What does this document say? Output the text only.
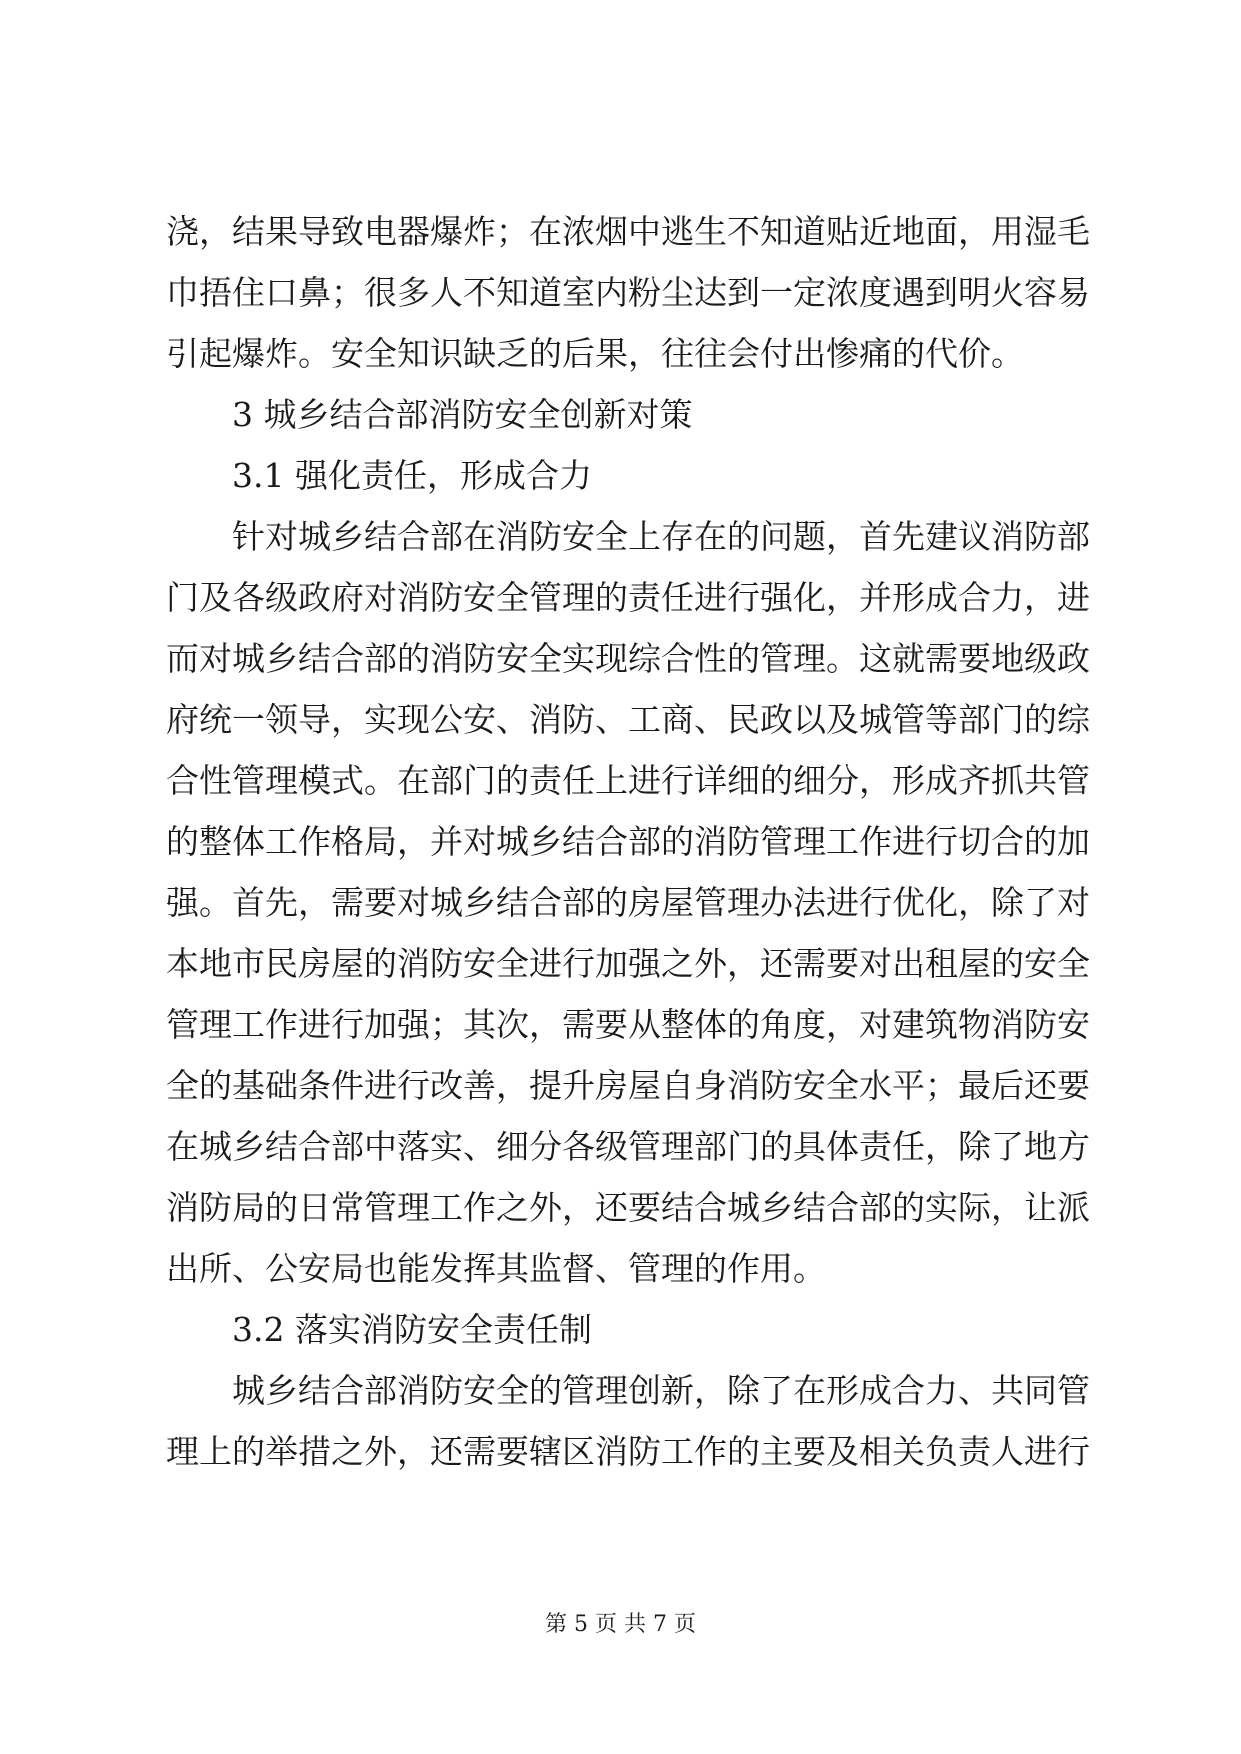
浇，结果导致电器爆炸；在浓烟中逃生不知道贴近地面，用湿毛
巾捂住口鼻；很多人不知道室内粉尘达到一定浓度遇到明火容易
引起爆炸。安全知识缺乏的后果，往往会付出惨痛的代价。
3 城乡结合部消防安全创新对策
3.1 强化责任，形成合力
针对城乡结合部在消防安全上存在的问题，首先建议消防部
门及各级政府对消防安全管理的责任进行强化，并形成合力，进
而对城乡结合部的消防安全实现综合性的管理。这就需要地级政
府统一领导，实现公安、消防、工商、民政以及城管等部门的综
合性管理模式。在部门的责任上进行详细的细分，形成齐抓共管
的整体工作格局，并对城乡结合部的消防管理工作进行切合的加
强。首先，需要对城乡结合部的房屋管理办法进行优化，除了对
本地市民房屋的消防安全进行加强之外，还需要对出租屋的安全
管理工作进行加强；其次，需要从整体的角度，对建筑物消防安
全的基础条件进行改善，提升房屋自身消防安全水平；最后还要
在城乡结合部中落实、细分各级管理部门的具体责任，除了地方
消防局的日常管理工作之外，还要结合城乡结合部的实际，让派
出所、公安局也能发挥其监督、管理的作用。
3.2 落实消防安全责任制
城乡结合部消防安全的管理创新，除了在形成合力、共同管
理上的举措之外，还需要辖区消防工作的主要及相关负责人进行
第 5 页 共 7 页
